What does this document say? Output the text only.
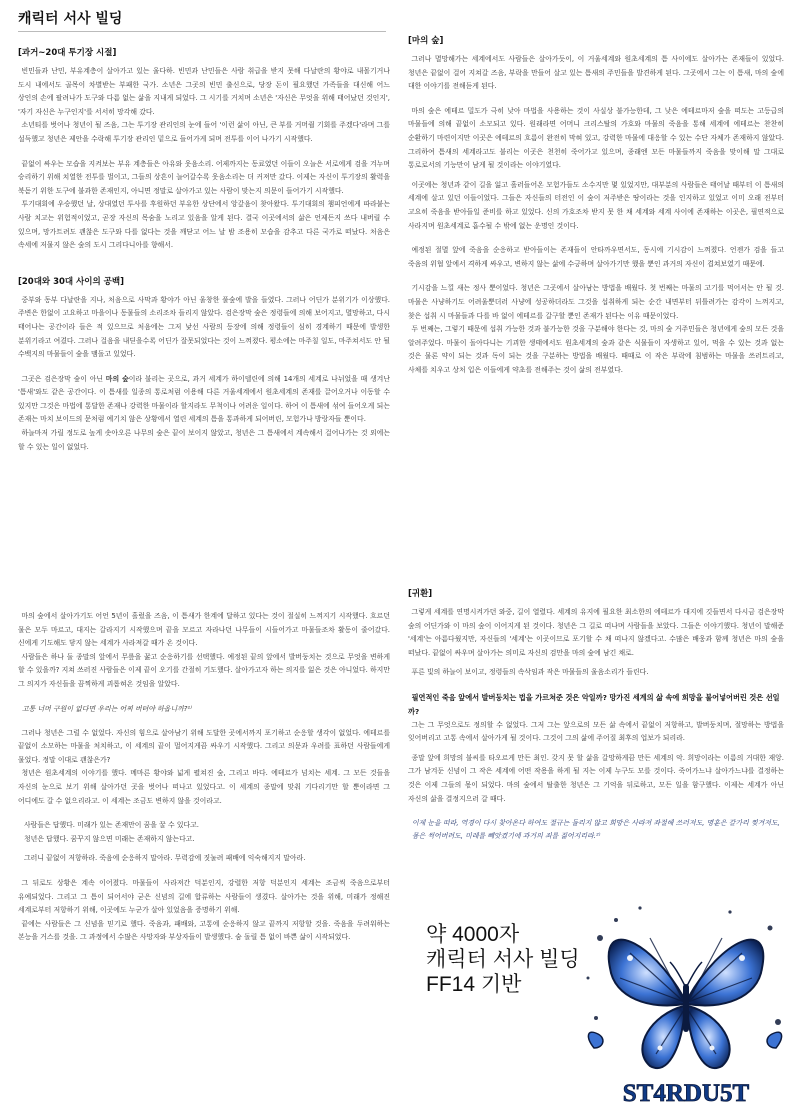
캐릭터 서사 빌딩
[과거~20대 투기장 시절]

빈민들과 난민, 부유계층이 살아가고 있는 울다하. 빈민과 난민들은 사람 취급을 받지 못해 다날란의 황야로 내몰기거나 도시 내에서도 골목이 차별받는 부패한 국가. 소년은 그곳의 빈민 출신으로, 당장 돈이 필요했던 가족들을 대신해 어느 상인의 손에 팔려나가 도구와 다름 없는 삶을 지내게 되었다. 그 시기를 거치며 소년은 '자신은 무엇을 위해 태어났던 것인지', '자기 자신은 누구인지'를 서서히 망각해 갔다.

소년티를 벗어나 청년이 될 즈음, 그는 투기장 관리인의 눈에 들어 '이런 삶이 아닌, 큰 부를 거머쥘 기회를 주겠다'라며 그를 설득했고 청년은 제안을 수락해 투기장 관리인 밑으로 들어가게 되며 전투를 이어 나가기 시작했다.

끝없이 싸우는 모습을 지켜보는 부유 계층들은 아유와 웃음소리. 어제까지는 동료였던 이들이 오늘은 서로에게 검을 겨누며 승리하기 위해 치열한 전투를 벌이고, 그들의 상흔이 늘어갈수록 웃음소리는 더 커져만 갔다. 이제는 자신이 투기장의 활력을 북돋기 위한 도구에 불과한 존재인지, 아니면 정말로 살아가고 있는 사람이 맞는지 의문이 들어가기 시작했다.

투기대회에 우승했던 날, 상대였던 투사를 후원하던 부유한 상단에서 앙갚음이 찾아왔다. 투기대회의 챔피언에게 따라붙는 사람 치고는 위험적이었고, 곧장 자신의 목숨을 노리고 있음을 알게 된다. 결국 이곳에서의 삶은 언제든지 쓰다 내버릴 수 있으며, 망가트려도 괜찮은 도구와 다를 없다는 것을 깨닫고 어느 날 밤 조용히 모습을 감추고 다른 국가로 떠났다. 처음은 속세에 저물지 않은 숲의 도시 그리다니아를 향해서.

[20대와 30대 사이의 공백]

중부와 동부 다날란을 지나, 처음으로 사막과 황야가 아닌 울창한 풀숲에 발을 들였다. 그러나 어딘가 분위기가 이상했다. 주변은 한없이 고요하고 마을이나 동물들의 소리조차 들리지 않았다. 검은장막 숲은 정령들에 의해 보어지고, 멸망하고, 다시 태어나는 공간이라 들은 적 있으므로 처음에는 그저 낯선 사람의 등장에 의해 정령들이 심히 경계하기 때문에 발생한 분위기라고 여겼다. 그러나 걸음을 내딛을수록 어딘가 잘못되었다는 것이 느껴졌다. 평소에는 마주칠 일도, 마주쳐서도 안 될 수백지의 마물들이 숲을 맴돌고 있었다.

그곳은 검은장막 숲이 아닌 마의 숲이라 불리는 곳으로, 과거 세계가 하이델린에 의해 14개의 세계로 나뉘었을 때 생겨난 '틈새'와도 같은 공간이다. 이 틈새를 일종의 통로처럼 이용해 다른 거울세계에서 원초세계의 존재를 끌어오거나 이동할 수 있지만 그것은 마법에 통달한 존재나 강력한 마물이라 할지라도 무척이나 어려운 일이다. 하여 이 틈새에 섞여 들어오게 되는 존재는 마치 보이드의 문처럼 예기치 않은 상황에서 열린 세계의 틈을 통과하게 되어버린, 모험가나 방랑자들 뿐이다.

하늘마저 가릴 정도로 높게 솟아오른 나무의 숲은 끝이 보이지 않았고, 청년은 그 틈새에서 계속해서 걸어나가는 것 외에는 할 수 있는 일이 없었다.

마의 숲에서 살아가기도 어언 5년이 흘렀을 즈음, 이 틈새가 한계에 달하고 있다는 것이 절실히 느껴지기 시작했다. 흐르던 물은 모두 마르고, 대지는 갈라지기 시작했으며 끝을 모르고 자라나던 나무들이 시들어가고 마물들조차 활동이 줄어갔다. 신에게 기도해도 닿지 않는 세계가 사라져갈 때가 온 것이다.

사람들은 하나 둘 종말의 앞에서 무릎을 꿇고 순응하기를 선택했다. 예정된 끝의 앞에서 발버둥치는 것으로 무엇을 변하게 할 수 있을까? 지쳐 쓰러진 사람들은 이제 끝이 오기를 간절히 기도했다. 살아가고자 하는 의지를 잃은 것은 아니었다. 하지만 그 의지가 자신들을 끔찍하게 괴롭혀온 것임을 알았다.

고통 너머 구원이 없다면 우리는 어찌 버텨야 하옵니까?¹⁾

그러나 청년은 그럴 수 없었다. 자신의 힘으로 살아남기 위해 도달한 곳에서까지 포기하고 순응할 생각이 없었다. 에테르를 끝없이 소모하는 마물을 처치하고, 이 세계의 끝이 멀어지게끔 싸우기 시작했다. 그리고 의문과 우려를 표하던 사람들에게 물었다. 정말 이대로 괜찮은가?

청년은 원초세계의 이야기를 했다. 메마른 황야와 넓게 펼쳐진 숲, 그리고 바다. 에테르가 넘치는 세계. 그 모든 것들을 자신의 눈으로 보기 위해 살아가던 곳을 벗어나 떠나고 있었다고. 이 세계의 종말에 맞춰 기다리기만 할 뿐이라면 그 어디에도 갈 수 없으리라고. 이 세계는 조금도 변하지 않을 것이라고.

사람들은 답했다. 미래가 있는 존재만이 꿈을 꿀 수 있다고.

청년은 답했다. 꿈꾸지 않으면 미래는 존재하지 않는다고.

그러니 끝없이 저항하라. 죽음에 순응하지 말아라. 무력감에 짓눌려 패배에 익숙해지지 말아라.

그 뒤로도 상황은 계속 이어졌다. 마물들이 사라져간 덕분인지, 강렬한 저항 덕분인지 세계는 조금씩 죽음으로부터 유예되었다. 그리고 그 틈이 되어서야 굳은 신념의 길에 합류하는 사람들이 생겼다. 살아가는 것을 위해, 미래가 정해진 세계로부터 저항하기 위해, 이곳에도 누군가 살아 있었음을 증명하기 위해.

끝에는 사람들은 그 신념을 믿기로 했다. 죽음과, 패배와, 고통에 순응하지 않고 끝까지 저항할 것을. 죽음을 두려워하는 본능을 거스를 것을. 그 과정에서 수많은 사망자와 부상자들이 발생했다. 숨 돌릴 틈 없이 바쁜 삶이 시작되었다.

[마의 숲]

그러나 멸망해가는 세계에서도 사람들은 살아가듯이, 이 거울세계와 원초세계의 틈 사이에도 살아가는 존재들이 있었다. 청년은 끝없이 걸어 지쳐갈 즈음, 부락을 만들어 살고 있는 틈새의 주민들을 발견하게 된다. 그곳에서 그는 이 틈새, 마의 숲에 대한 이야기를 전해듣게 된다.

마의 숲은 에테르 밀도가 극히 낮아 마법을 사용하는 것이 사실상 불가능한데, 그 낮은 에테르마저 숲을 떠도는 고등급의 마물들에 의해 끝없이 소모되고 있다. 원래라면 어머니 크리스탈의 가호와 마물의 죽음을 통해 세계에 에테르는 찬찬히 순환하기 마련이지만 이곳은 에테르의 흐름이 완전히 막혀 있고, 강력한 마물에 대응할 수 있는 수단 자체가 존재하지 않았다. 그리하여 틈새의 세계라고도 불리는 이곳은 천천히 죽어가고 있으며, 종래엔 모든 마물들까지 죽음을 맞이해 말 그대로 통로로서의 기능만이 남게 될 것이라는 이야기였다.

이곳에는 청년과 같이 길을 잃고 흘러들어온 모험가들도 소수지만 몇 있었지만, 대부분의 사람들은 태어날 때부터 이 틈새의 세계에 살고 있던 이들이었다. 그들은 자신들의 터전인 이 숲이 저주받은 땅이라는 것을 인지하고 있었고 이미 오래 전부터 고요히 죽음을 받아들일 준비를 하고 있었다. 신의 가호조차 받지 못 한 채 세계와 세계 사이에 존재하는 이곳은, 필연적으로 사라지며 원초세계로 흡수될 수 밖에 없는 운명인 것이다.

예정된 절멸 앞에 죽음을 순응하고 받아들이는 존재들이 안타까우면서도, 동시에 기시감이 느껴졌다. 언젠가 검을 들고 죽음의 위협 앞에서 격하게 싸우고, 변하지 않는 삶에 수긍하며 살아가기만 했을 뿐인 과거의 자신이 겹쳐보였기 때문에.

기시감을 느낄 새는 정사 뿐이었다. 청년은 그곳에서 살아남는 방법을 배웠다. 첫 번째는 마물의 고기를 먹어서는 안 될 것. 마물은 사냥하기도 어려울뿐더러 사냥에 성공하더라도 그것을 섭취하게 되는 순간 내면부터 뒤틀려가는 감각이 느껴지고, 찾은 섭취 시 마물들과 다를 바 없이 에테르를 갈구할 뿐인 존재가 된다는 이유 때문이었다.

두 번째는, 그렇기 때문에 섭취 가능한 것과 불가능한 것을 구분해야 한다는 것, 마의 숲 거주민들은 청년에게 숲의 모든 것을 알려주었다. 마물이 돌아다니는 기괴한 생태에서도 원초세계의 숲과 같은 식물들이 자생하고 있어, 먹을 수 있는 것과 없는 것은 물론 약이 되는 것과 독이 되는 것을 구분하는 방법을 배웠다. 때때로 이 작은 부락에 침범하는 마물을 쓰러트리고, 사체를 치우고 상처 입은 이들에게 약초를 전해주는 것이 삶의 전부였다.

[귀환]

그렇게 세계를 연명시켜가던 와중, 길이 열렸다. 세계의 유지에 필요한 최소한의 에테르가 대지에 깃들면서 다시금 검은장막 숲의 어딘가와 이 마의 숲이 이어지게 된 것이다. 청년은 그 길로 떠나며 사람들을 보았다. 그들은 이야기했다. 청년이 말해준 '세계'는 아름다웠지만, 자신들의 '세계'는 이곳이므로 포기할 수 채 떠나지 않겠다고. 수많은 배웅과 함께 청년은 마의 숲을 떠났다. 끝없이 싸우며 살아가는 의미로 자신의 검만을 마의 숲에 남긴 채로.

푸른 빛의 하늘이 보이고, 정령들의 속삭임과 작은 마물들의 울음소리가 들린다.

필연적인 죽음 앞에서 발버둥치는 법을 가르쳐준 것은 악일까? 망가진 세계의 삶 속에 희망을 불어넣어버린 것은 선일까?

그는 그 무엇으로도 정의할 수 없었다. 그저 그는 앞으로의 모든 삶 속에서 끝없이 저항하고, 발버둥치며, 절망하는 방법을 잊어버리고 고통 속에서 살아가게 될 것이다. 그것이 그의 삶에 주어질 최후의 업보가 되리라.

종말 앞에 희망의 불씨를 타오르게 만든 최인. 갖지 못 할 삶을 갈망하게끔 만든 세계의 악. 희망이라는 이름의 거대한 재앙. 그가 남겨둔 신념이 그 작은 세계에 어떤 작용을 하게 될 지는 이제 누구도 모를 것이다. 죽어가느냐 살아가느냐를 결정하는 것은 이제 그들의 몫이 되었다. 마의 숲에서 탈출한 청년은 그 기억을 뒤로하고, 모든 일을 함구했다. 이제는 세계가 아닌 자신의 삶을 결정지으러 갈 때다.

이제 눈을 떠라, 역경이 다시 찾아온다 하여도 절규는 들리지 않고 희망은 사라져 좌절해 쓰러져도, 명훈은 갈가리 찢겨져도, 몸은 썩어버려도, 미래를 빼앗겼기에 과거의 죄를 짊어지리라.²⁾

약 4000자
캐릭터 서사 빌딩
FF14 기반
ST4RDU5T
